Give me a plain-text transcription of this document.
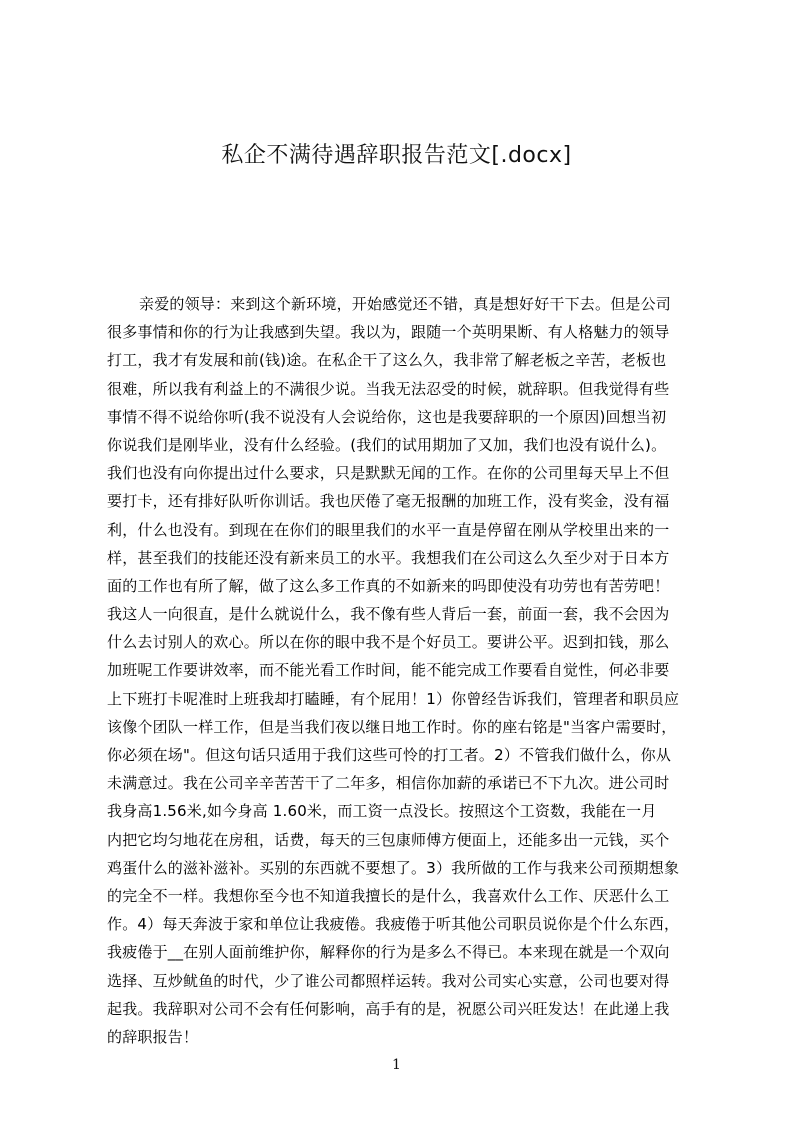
私企不满待遇辞职报告范文[.docx]
亲爱的领导：来到这个新环境，开始感觉还不错，真是想好好干下去。但是公司
很多事情和你的行为让我感到失望。我以为，跟随一个英明果断、有人格魅力的领导
打工，我才有发展和前(钱)途。在私企干了这么久，我非常了解老板之辛苦，老板也
很难，所以我有利益上的不满很少说。当我无法忍受的时候，就辞职。但我觉得有些
事情不得不说给你听(我不说没有人会说给你，这也是我要辞职的一个原因)回想当初
你说我们是刚毕业，没有什么经验。(我们的试用期加了又加，我们也没有说什么)。
我们也没有向你提出过什么要求，只是默默无闻的工作。在你的公司里每天早上不但
要打卡，还有排好队听你训话。我也厌倦了毫无报酬的加班工作，没有奖金，没有福
利，什么也没有。到现在在你们的眼里我们的水平一直是停留在刚从学校里出来的一
样，甚至我们的技能还没有新来员工的水平。我想我们在公司这么久至少对于日本方
面的工作也有所了解，做了这么多工作真的不如新来的吗即使没有功劳也有苦劳吧！
我这人一向很直，是什么就说什么，我不像有些人背后一套，前面一套，我不会因为
什么去讨别人的欢心。所以在你的眼中我不是个好员工。要讲公平。迟到扣钱，那么
加班呢工作要讲效率，而不能光看工作时间，能不能完成工作要看自觉性，何必非要
上下班打卡呢准时上班我却打瞌睡，有个屁用！1）你曾经告诉我们，管理者和职员应
该像个团队一样工作，但是当我们夜以继日地工作时。你的座右铭是"当客户需要时，
你必须在场"。但这句话只适用于我们这些可怜的打工者。2）不管我们做什么，你从
未满意过。我在公司辛辛苦苦干了二年多，相信你加薪的承诺已不下九次。进公司时
我身高1.56米,如今身高 1.60米，而工资一点没长。按照这个工资数，我能在一月
内把它均匀地花在房租，话费，每天的三包康师傅方便面上，还能多出一元钱，买个
鸡蛋什么的滋补滋补。买别的东西就不要想了。3）我所做的工作与我来公司预期想象
的完全不一样。我想你至今也不知道我擅长的是什么，我喜欢什么工作、厌恶什么工
作。4）每天奔波于家和单位让我疲倦。我疲倦于听其他公司职员说你是个什么东西，
我疲倦于__在别人面前维护你，解释你的行为是多么不得已。本来现在就是一个双向
选择、互炒鱿鱼的时代，少了谁公司都照样运转。我对公司实心实意，公司也要对得
起我。我辞职对公司不会有任何影响，高手有的是，祝愿公司兴旺发达！在此递上我
的辞职报告！
1
